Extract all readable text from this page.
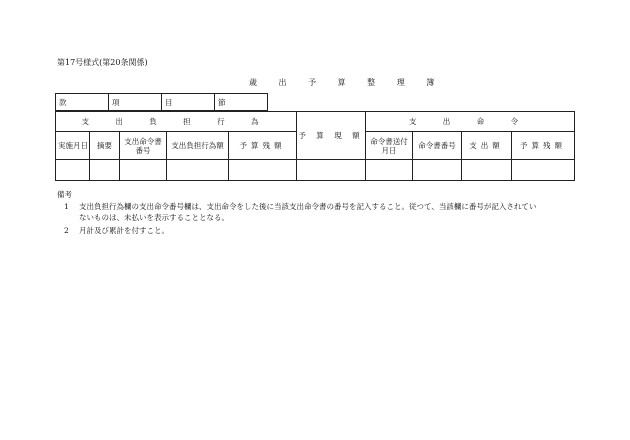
第17号様式(第20条関係)
歳 出 予 算 整 理 簿
款	項	目	節
支 出 負 担 行 為	支 出 命 令
予 算 現 額
実施月日	摘要	支出命令書番号	支出負担行為額	予算残額	命令書送付月日	命令書番号	支出額	予算残額
備考
1 支出負担行為欄の支出命令番号欄は、支出命令をした後に当該支出命令書の番号を記入すること。従つて、当該欄に番号が記入されてい
ないものは、未払いを表示することとなる。
2 月計及び累計を付すこと。
